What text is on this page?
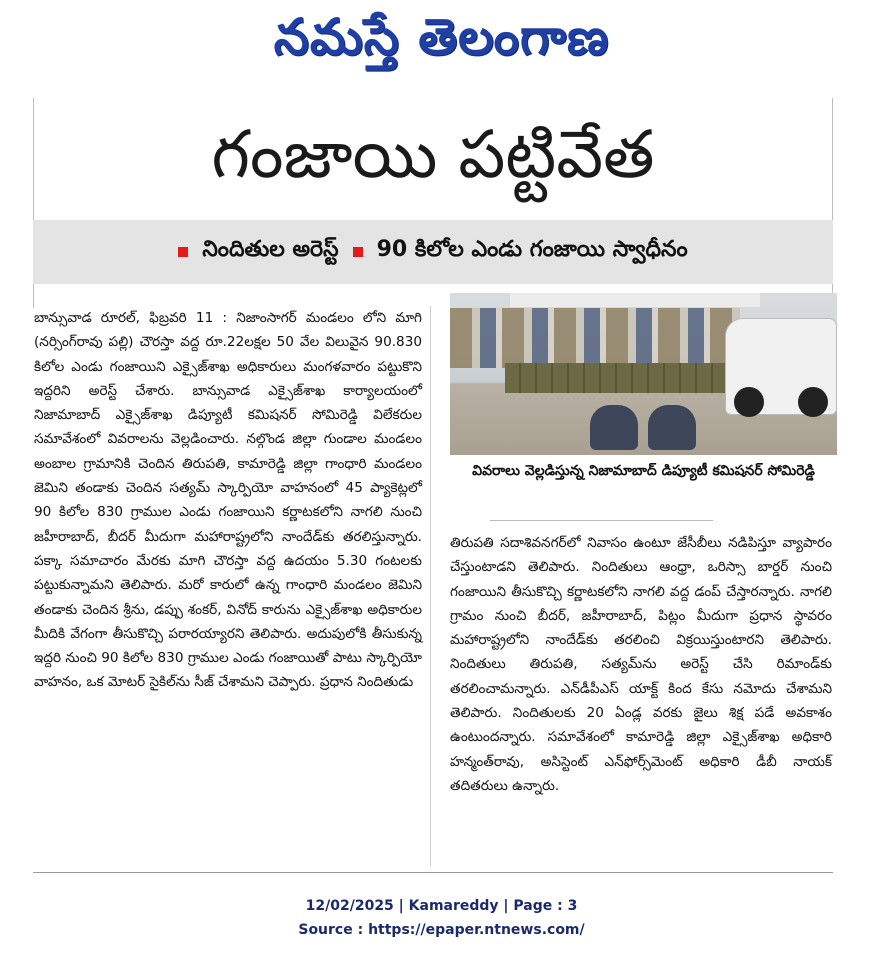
నమస్తే తెలంగాణ
గంజాయి పట్టివేత
నిందితుల అరెస్ట్ 90 కిలోల ఎండు గంజాయి స్వాధీనం
బాన్సువాడ రూరల్, ఫిబ్రవరి 11 : నిజాంసాగర్ మండలం లోని మాగి (నర్సింగ్‌రావు పల్లి) చౌరస్తా వద్ద రూ.22లక్షల 50 వేల విలువైన 90.830 కిలోల ఎండు గంజాయిని ఎక్సైజ్‌శాఖ అధికారులు మంగళవారం పట్టుకొని ఇద్దరిని అరెస్ట్ చేశారు. బాన్సువాడ ఎక్సైజ్‌శాఖ కార్యాలయంలో నిజామాబాద్ ఎక్సైజ్‌శాఖ డిప్యూటీ కమిషనర్ సోమిరెడ్డి విలేకరుల సమావేశంలో వివరాలను వెల్లడించారు. నల్గొండ జిల్లా గుండాల మండలం అంబాల గ్రామానికి చెందిన తిరుపతి, కామారెడ్డి జిల్లా గాంధారి మండలం జెమిని తండాకు చెందిన సత్యమ్ స్కార్పియో వాహనంలో 45 ప్యాకెట్లలో 90 కిలోల 830 గ్రాముల ఎండు గంజాయిని కర్ణాటకలోని నాగలి నుంచి జహీరాబాద్, బీదర్ మీదుగా మహారాష్ట్రలోని నాందేడ్‌కు తరలిస్తున్నారు. పక్కా సమాచారం మేరకు మాగి చౌరస్తా వద్ద ఉదయం 5.30 గంటలకు పట్టుకున్నామని తెలిపారు. మరో కారులో ఉన్న గాంధారి మండలం జెమిని తండాకు చెందిన శ్రీను, డప్పు శంకర్, వినోద్ కారును ఎక్సైజ్‌శాఖ అధికారుల మీదికి వేగంగా తీసుకొచ్చి పరారయ్యారని తెలిపారు. అదుపులోకి తీసుకున్న ఇద్దరి నుంచి 90 కిలోల 830 గ్రాముల ఎండు గంజాయితో పాటు స్కార్పియో వాహనం, ఒక మోటర్ సైకిల్‌ను సీజ్ చేశామని చెప్పారు. ప్రధాన నిందితుడు
వివరాలు వెల్లడిస్తున్న నిజామాబాద్ డిప్యూటీ కమిషనర్ సోమిరెడ్డి
తిరుపతి సదాశివనగర్‌లో నివాసం ఉంటూ జేసీబీలు నడిపిస్తూ వ్యాపారం చేస్తుంటాడని తెలిపారు. నిందితులు ఆంధ్రా, ఒరిస్సా బార్డర్ నుంచి గంజాయిని తీసుకొచ్చి కర్ణాటకలోని నాగలి వద్ద డంప్ చేస్తారన్నారు. నాగలి గ్రామం నుంచి బీదర్, జహీరాబాద్, పిట్లం మీదుగా ప్రధాన స్థావరం మహారాష్ట్రలోని నాందేడ్‌కు తరలించి విక్రయిస్తుంటారని తెలిపారు. నిందితులు తిరుపతి, సత్యమ్‌ను అరెస్ట్ చేసి రిమాండ్‌కు తరలించామన్నారు. ఎన్‌డీపీఎస్ యాక్ట్ కింద కేసు నమోదు చేశామని తెలిపారు. నిందితులకు 20 ఏండ్ల వరకు జైలు శిక్ష పడే అవకాశం ఉంటుందన్నారు. సమావేశంలో కామారెడ్డి జిల్లా ఎక్సైజ్‌శాఖ అధికారి హన్మంత్‌రావు, అసిస్టెంట్ ఎన్‌ఫోర్స్‌మెంట్ అధికారి డీబీ నాయక్ తదితరులు ఉన్నారు.
12/02/2025 | Kamareddy | Page : 3
Source : https://epaper.ntnews.com/
